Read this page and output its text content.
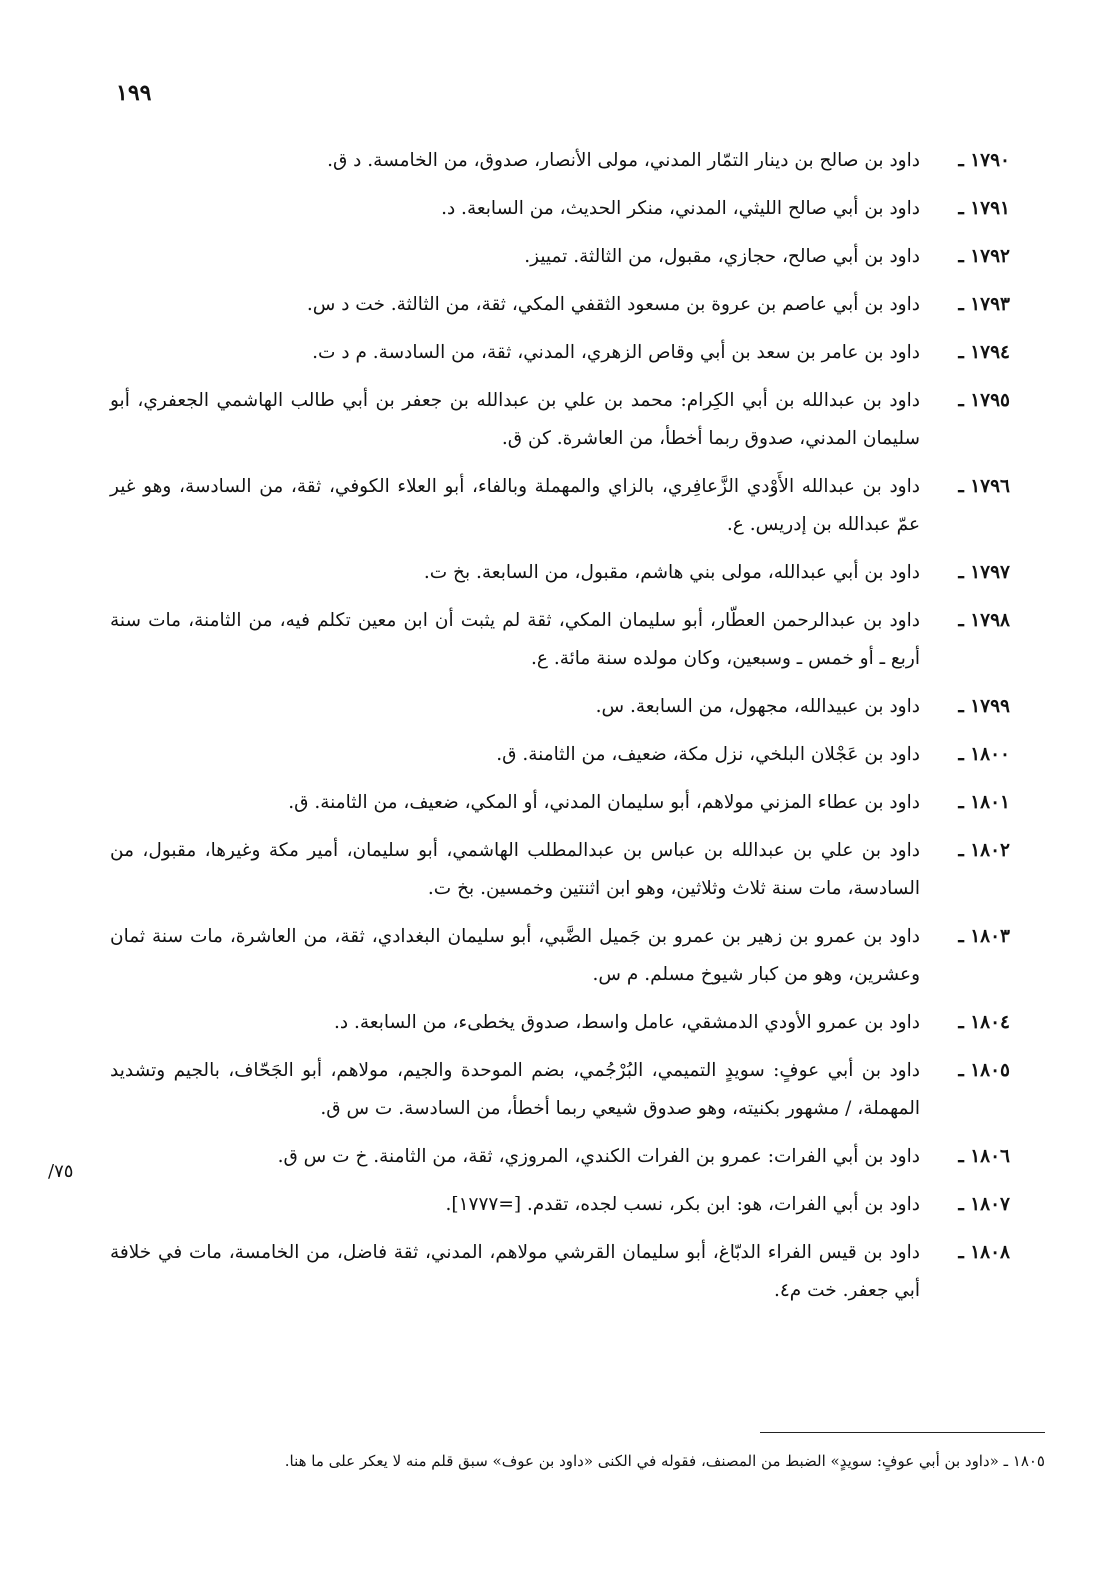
١٩٩
١٧٩٠ ـ
داود بن صالح بن دينار التمّار المدني، مولى الأنصار، صدوق، من الخامسة. د ق.
١٧٩١ ـ
داود بن أبي صالح الليثي، المدني، منكر الحديث، من السابعة. د.
١٧٩٢ ـ
داود بن أبي صالح، حجازي، مقبول، من الثالثة. تمييز.
١٧٩٣ ـ
داود بن أبي عاصم بن عروة بن مسعود الثقفي المكي، ثقة، من الثالثة. خت د س.
١٧٩٤ ـ
داود بن عامر بن سعد بن أبي وقاص الزهري، المدني، ثقة، من السادسة. م د ت.
١٧٩٥ ـ
داود بن عبدالله بن أبي الكِرام: محمد بن علي بن عبدالله بن جعفر بن أبي طالب الهاشمي الجعفري، أبو سليمان المدني، صدوق ربما أخطأ، من العاشرة. كن ق.
١٧٩٦ ـ
داود بن عبدالله الأَوْدي الزَّعافِري، بالزاي والمهملة وبالفاء، أبو العلاء الكوفي، ثقة، من السادسة، وهو غير عمّ عبدالله بن إدريس. ع.
١٧٩٧ ـ
داود بن أبي عبدالله، مولى بني هاشم، مقبول، من السابعة. بخ ت.
١٧٩٨ ـ
داود بن عبدالرحمن العطّار، أبو سليمان المكي، ثقة لم يثبت أن ابن معين تكلم فيه، من الثامنة، مات سنة أربع ـ أو خمس ـ وسبعين، وكان مولده سنة مائة. ع.
١٧٩٩ ـ
داود بن عبيدالله، مجهول، من السابعة. س.
١٨٠٠ ـ
داود بن عَجْلان البلخي، نزل مكة، ضعيف، من الثامنة. ق.
١٨٠١ ـ
داود بن عطاء المزني مولاهم، أبو سليمان المدني، أو المكي، ضعيف، من الثامنة. ق.
١٨٠٢ ـ
داود بن علي بن عبدالله بن عباس بن عبدالمطلب الهاشمي، أبو سليمان، أمير مكة وغيرها، مقبول، من السادسة، مات سنة ثلاث وثلاثين، وهو ابن اثنتين وخمسين. بخ ت.
١٨٠٣ ـ
داود بن عمرو بن زهير بن عمرو بن جَميل الضَّبي، أبو سليمان البغدادي، ثقة، من العاشرة، مات سنة ثمان وعشرين، وهو من كبار شيوخ مسلم. م س.
١٨٠٤ ـ
داود بن عمرو الأودي الدمشقي، عامل واسط، صدوق يخطىء، من السابعة. د.
١٨٠٥ ـ
داود بن أبي عوفٍ: سويدٍ التميمي، البُرْجُمي، بضم الموحدة والجيم، مولاهم، أبو الجَحّاف، بالجيم وتشديد المهملة، / مشهور بكنيته، وهو صدوق شيعي ربما أخطأ، من السادسة. ت س ق.
١٨٠٦ ـ
داود بن أبي الفرات: عمرو بن الفرات الكندي، المروزي، ثقة، من الثامنة. خ ت س ق.
١٨٠٧ ـ
داود بن أبي الفرات، هو: ابن بكر، نسب لجده، تقدم. [=١٧٧٧].
١٨٠٨ ـ
داود بن قيس الفراء الدبّاغ، أبو سليمان القرشي مولاهم، المدني، ثقة فاضل، من الخامسة، مات في خلافة أبي جعفر. خت م٤.
/٧٥
١٨٠٥ ـ «داود بن أبي عوفٍ: سويدٍ» الضبط من المصنف، فقوله في الكنى «داود بن عوف» سبق قلم منه لا يعكر على ما هنا.
